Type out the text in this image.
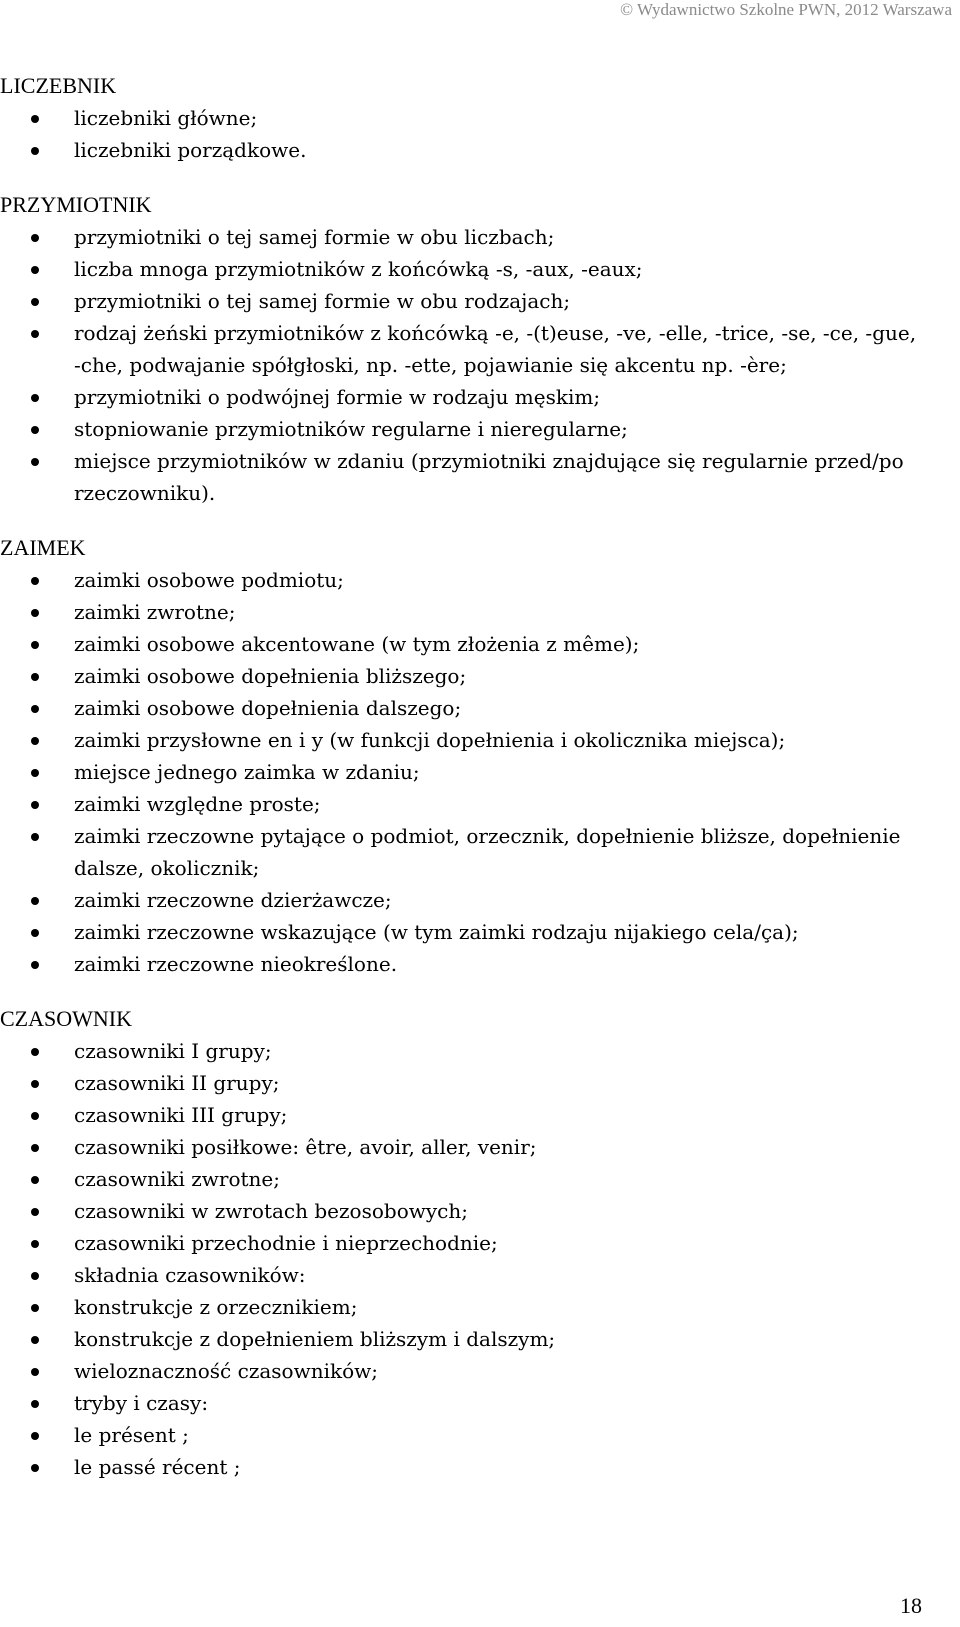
© Wydawnictwo Szkolne PWN, 2012 Warszawa
LICZEBNIK
liczebniki główne;
liczebniki porządkowe.
PRZYMIOTNIK
przymiotniki o tej samej formie w obu liczbach;
liczba mnoga przymiotników z końcówką -s, -aux, -eaux;
przymiotniki o tej samej formie w obu rodzajach;
rodzaj żeński przymiotników z końcówką -e, -(t)euse, -ve, -elle, -trice, -se, -ce, -gue, -che, podwajanie spółgłoski, np. -ette, pojawianie się akcentu np. -ère;
przymiotniki o podwójnej formie w rodzaju męskim;
stopniowanie przymiotników regularne i nieregularne;
miejsce przymiotników w zdaniu (przymiotniki znajdujące się regularnie przed/po rzeczowniku).
ZAIMEK
zaimki osobowe podmiotu;
zaimki zwrotne;
zaimki osobowe akcentowane (w tym złożenia z même);
zaimki osobowe dopełnienia bliższego;
zaimki osobowe dopełnienia dalszego;
zaimki przysłowne en i y (w funkcji dopełnienia i okolicznika miejsca);
miejsce jednego zaimka w zdaniu;
zaimki względne proste;
zaimki rzeczowne pytające o podmiot, orzecznik, dopełnienie bliższe, dopełnienie dalsze, okolicznik;
zaimki rzeczowne dzierżawcze;
zaimki rzeczowne wskazujące (w tym zaimki rodzaju nijakiego cela/ça);
zaimki rzeczowne nieokreślone.
CZASOWNIK
czasowniki I grupy;
czasowniki II grupy;
czasowniki III grupy;
czasowniki posiłkowe: être, avoir, aller, venir;
czasowniki zwrotne;
czasowniki w zwrotach bezosobowych;
czasowniki przechodnie i nieprzechodnie;
składnia czasowników:
konstrukcje z orzecznikiem;
konstrukcje z dopełnieniem bliższym i dalszym;
wieloznaczność czasowników;
tryby i czasy:
le présent ;
le passé récent ;
18
